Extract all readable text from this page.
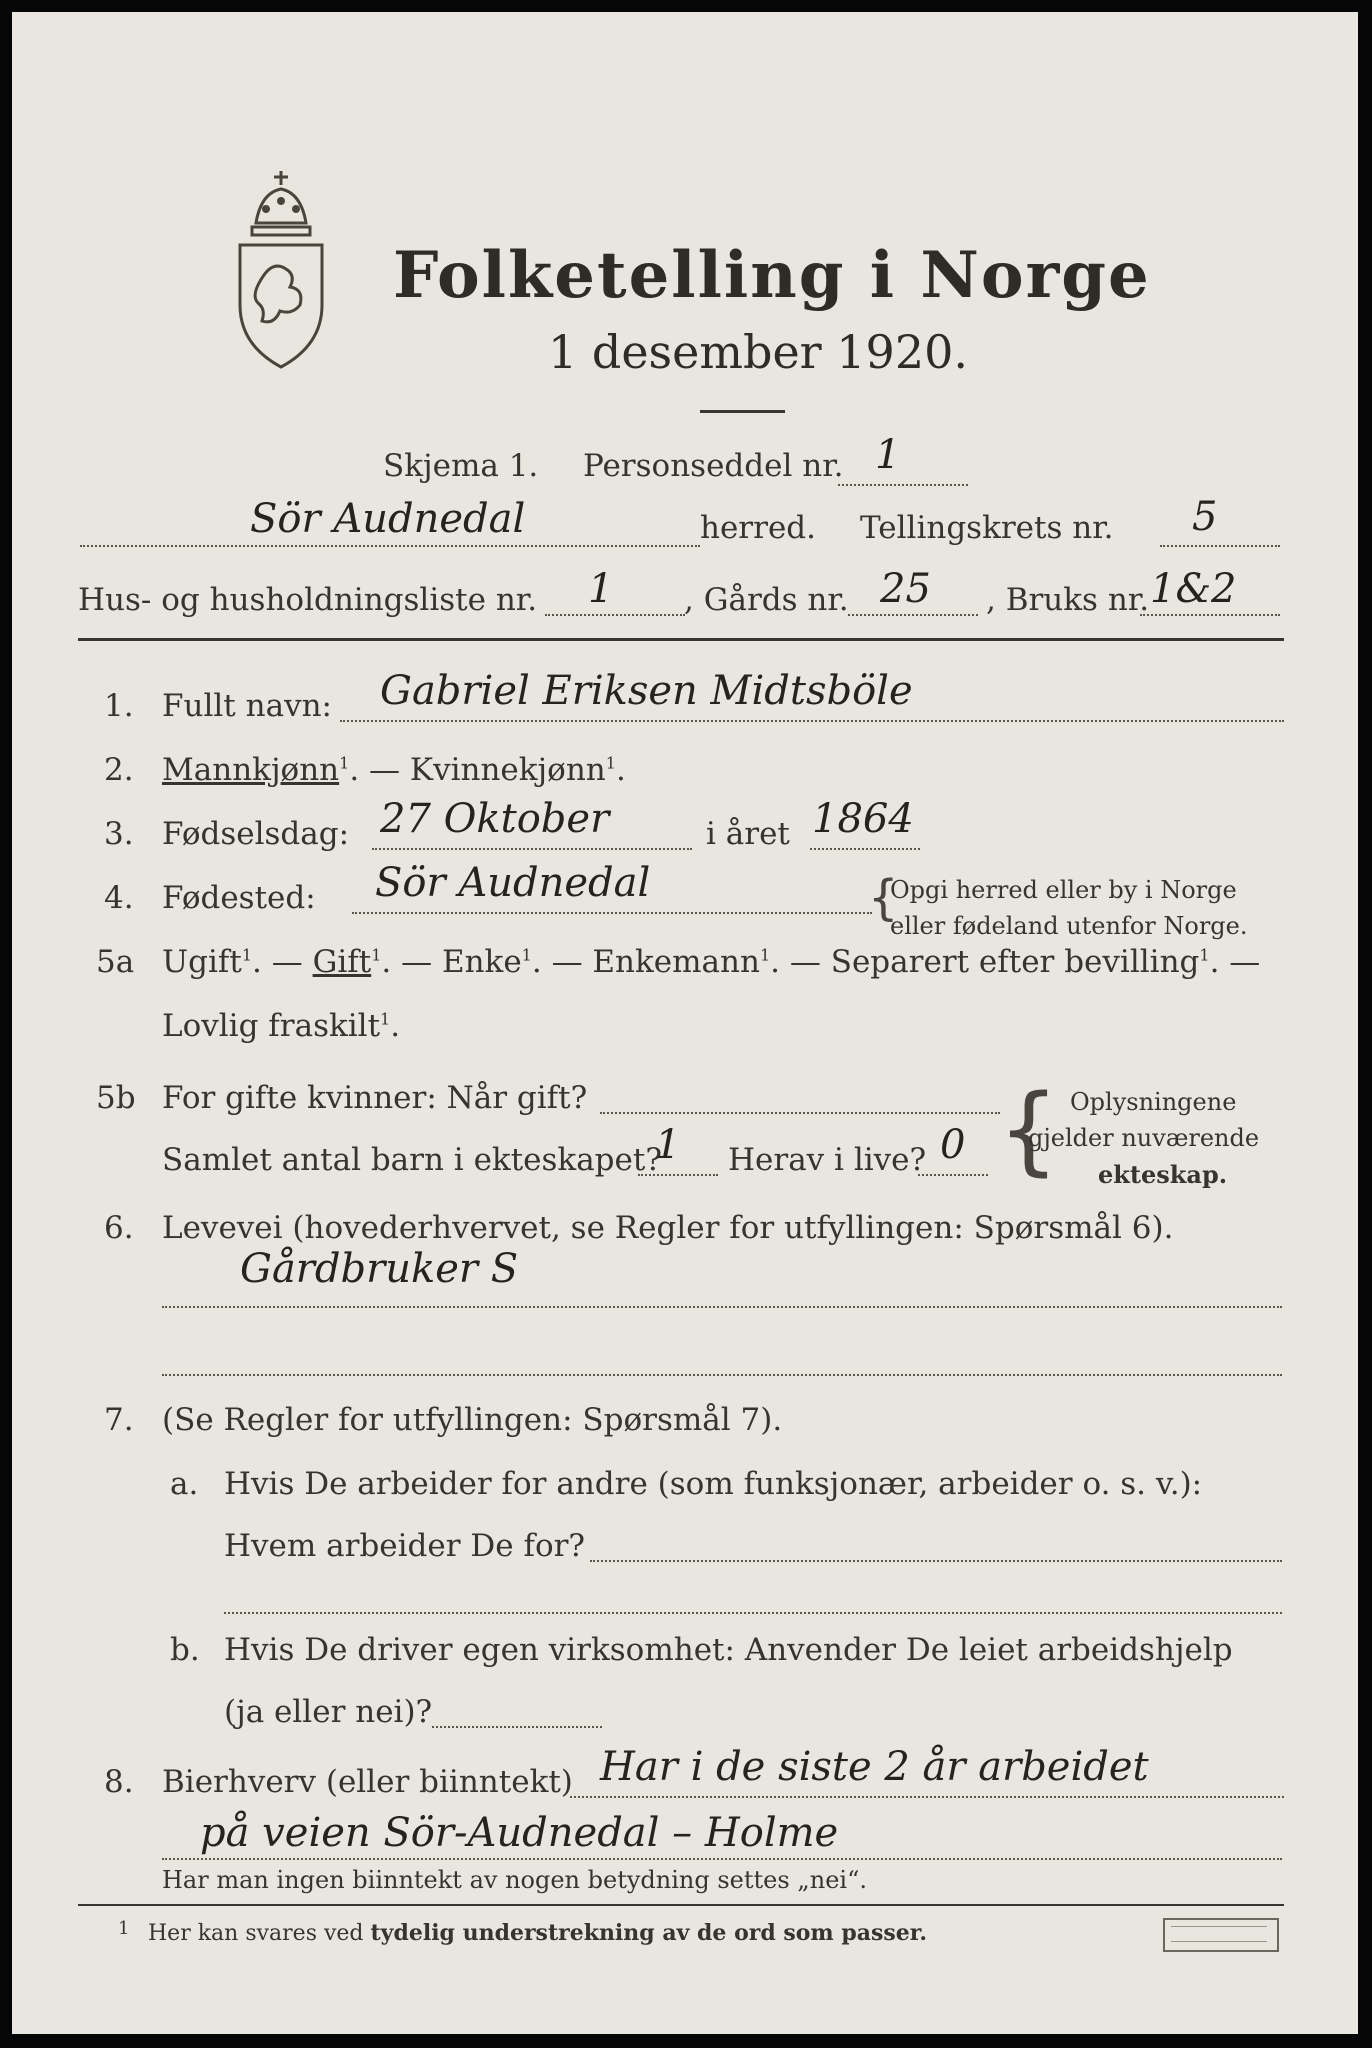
Folketelling i Norge
1 desember 1920.
Skjema 1. Personseddel nr. 1
Sör Audnedal	herred. Tellingskrets nr. 5
Hus- og husholdningsliste nr. 1 , Gårds nr. 25 , Bruks nr. 1&2
1. Fullt navn: Gabriel Eriksen Midtsböle
2. Mannkjønn$^1$. — Kvinnekjønn$^1$.
3. Fødselsdag: 27 Oktober	i året 1864
4. Fødested: Sör Audnedal	{
Opgi herred eller by i Norge
eller fødeland utenfor Norge.
5a Ugift$^1$. — Gift$^1$. — Enke$^1$. — Enkemann$^1$. — Separert efter bevilling$^1$. —
Lovlig fraskilt$^1$.
5b For gifte kvinner: Når gift?
Samlet antal barn i ekteskapet?
1 Herav i live? 0 { Oplysningene
gjelder nuværende
ekteskap.
6. Levevei (hovederhvervet, se Regler for utfyllingen: Spørsmål 6).
Gårdbruker S
7. (Se Regler for utfyllingen: Spørsmål 7).
a. Hvis De arbeider for andre (som funksjonær, arbeider o. s. v.):
Hvem arbeider De for?
b. Hvis De driver egen virksomhet: Anvender De leiet arbeidshjelp
(ja eller nei)?
8. Bierhverv (eller biinntekt) Har i de siste 2 år arbeidet
på veien Sör-Audnedal – Holme
Har man ingen biinntekt av nogen betydning settes „nei“.
1 Her kan svares ved tydelig understrekning av de ord som passer.
